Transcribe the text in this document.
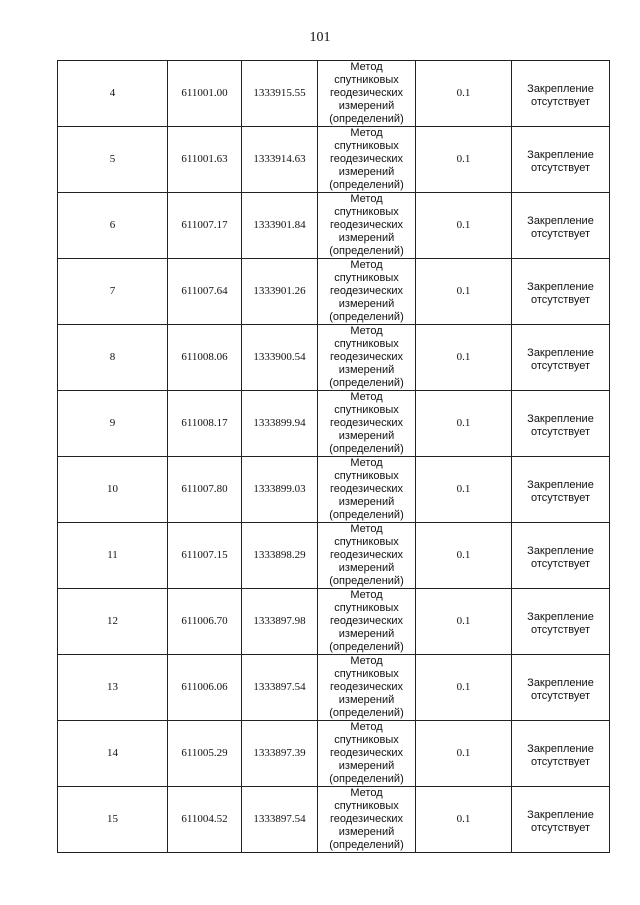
101
4	611001.00	1333915.55	Метод
спутниковых
геодезических
измерений
(определений)	0.1	Закрепление
отсутствует

5	611001.63	1333914.63	Метод
спутниковых
геодезических
измерений
(определений)	0.1	Закрепление
отсутствует

6	611007.17	1333901.84	Метод
спутниковых
геодезических
измерений
(определений)	0.1	Закрепление
отсутствует

7	611007.64	1333901.26	Метод
спутниковых
геодезических
измерений
(определений)	0.1	Закрепление
отсутствует

8	611008.06	1333900.54	Метод
спутниковых
геодезических
измерений
(определений)	0.1	Закрепление
отсутствует

9	611008.17	1333899.94	Метод
спутниковых
геодезических
измерений
(определений)	0.1	Закрепление
отсутствует

10	611007.80	1333899.03	Метод
спутниковых
геодезических
измерений
(определений)	0.1	Закрепление
отсутствует

11	611007.15	1333898.29	Метод
спутниковых
геодезических
измерений
(определений)	0.1	Закрепление
отсутствует

12	611006.70	1333897.98	Метод
спутниковых
геодезических
измерений
(определений)	0.1	Закрепление
отсутствует

13	611006.06	1333897.54	Метод
спутниковых
геодезических
измерений
(определений)	0.1	Закрепление
отсутствует

14	611005.29	1333897.39	Метод
спутниковых
геодезических
измерений
(определений)	0.1	Закрепление
отсутствует

15	611004.52	1333897.54	Метод
спутниковых
геодезических
измерений
(определений)	0.1	Закрепление
отсутствует
